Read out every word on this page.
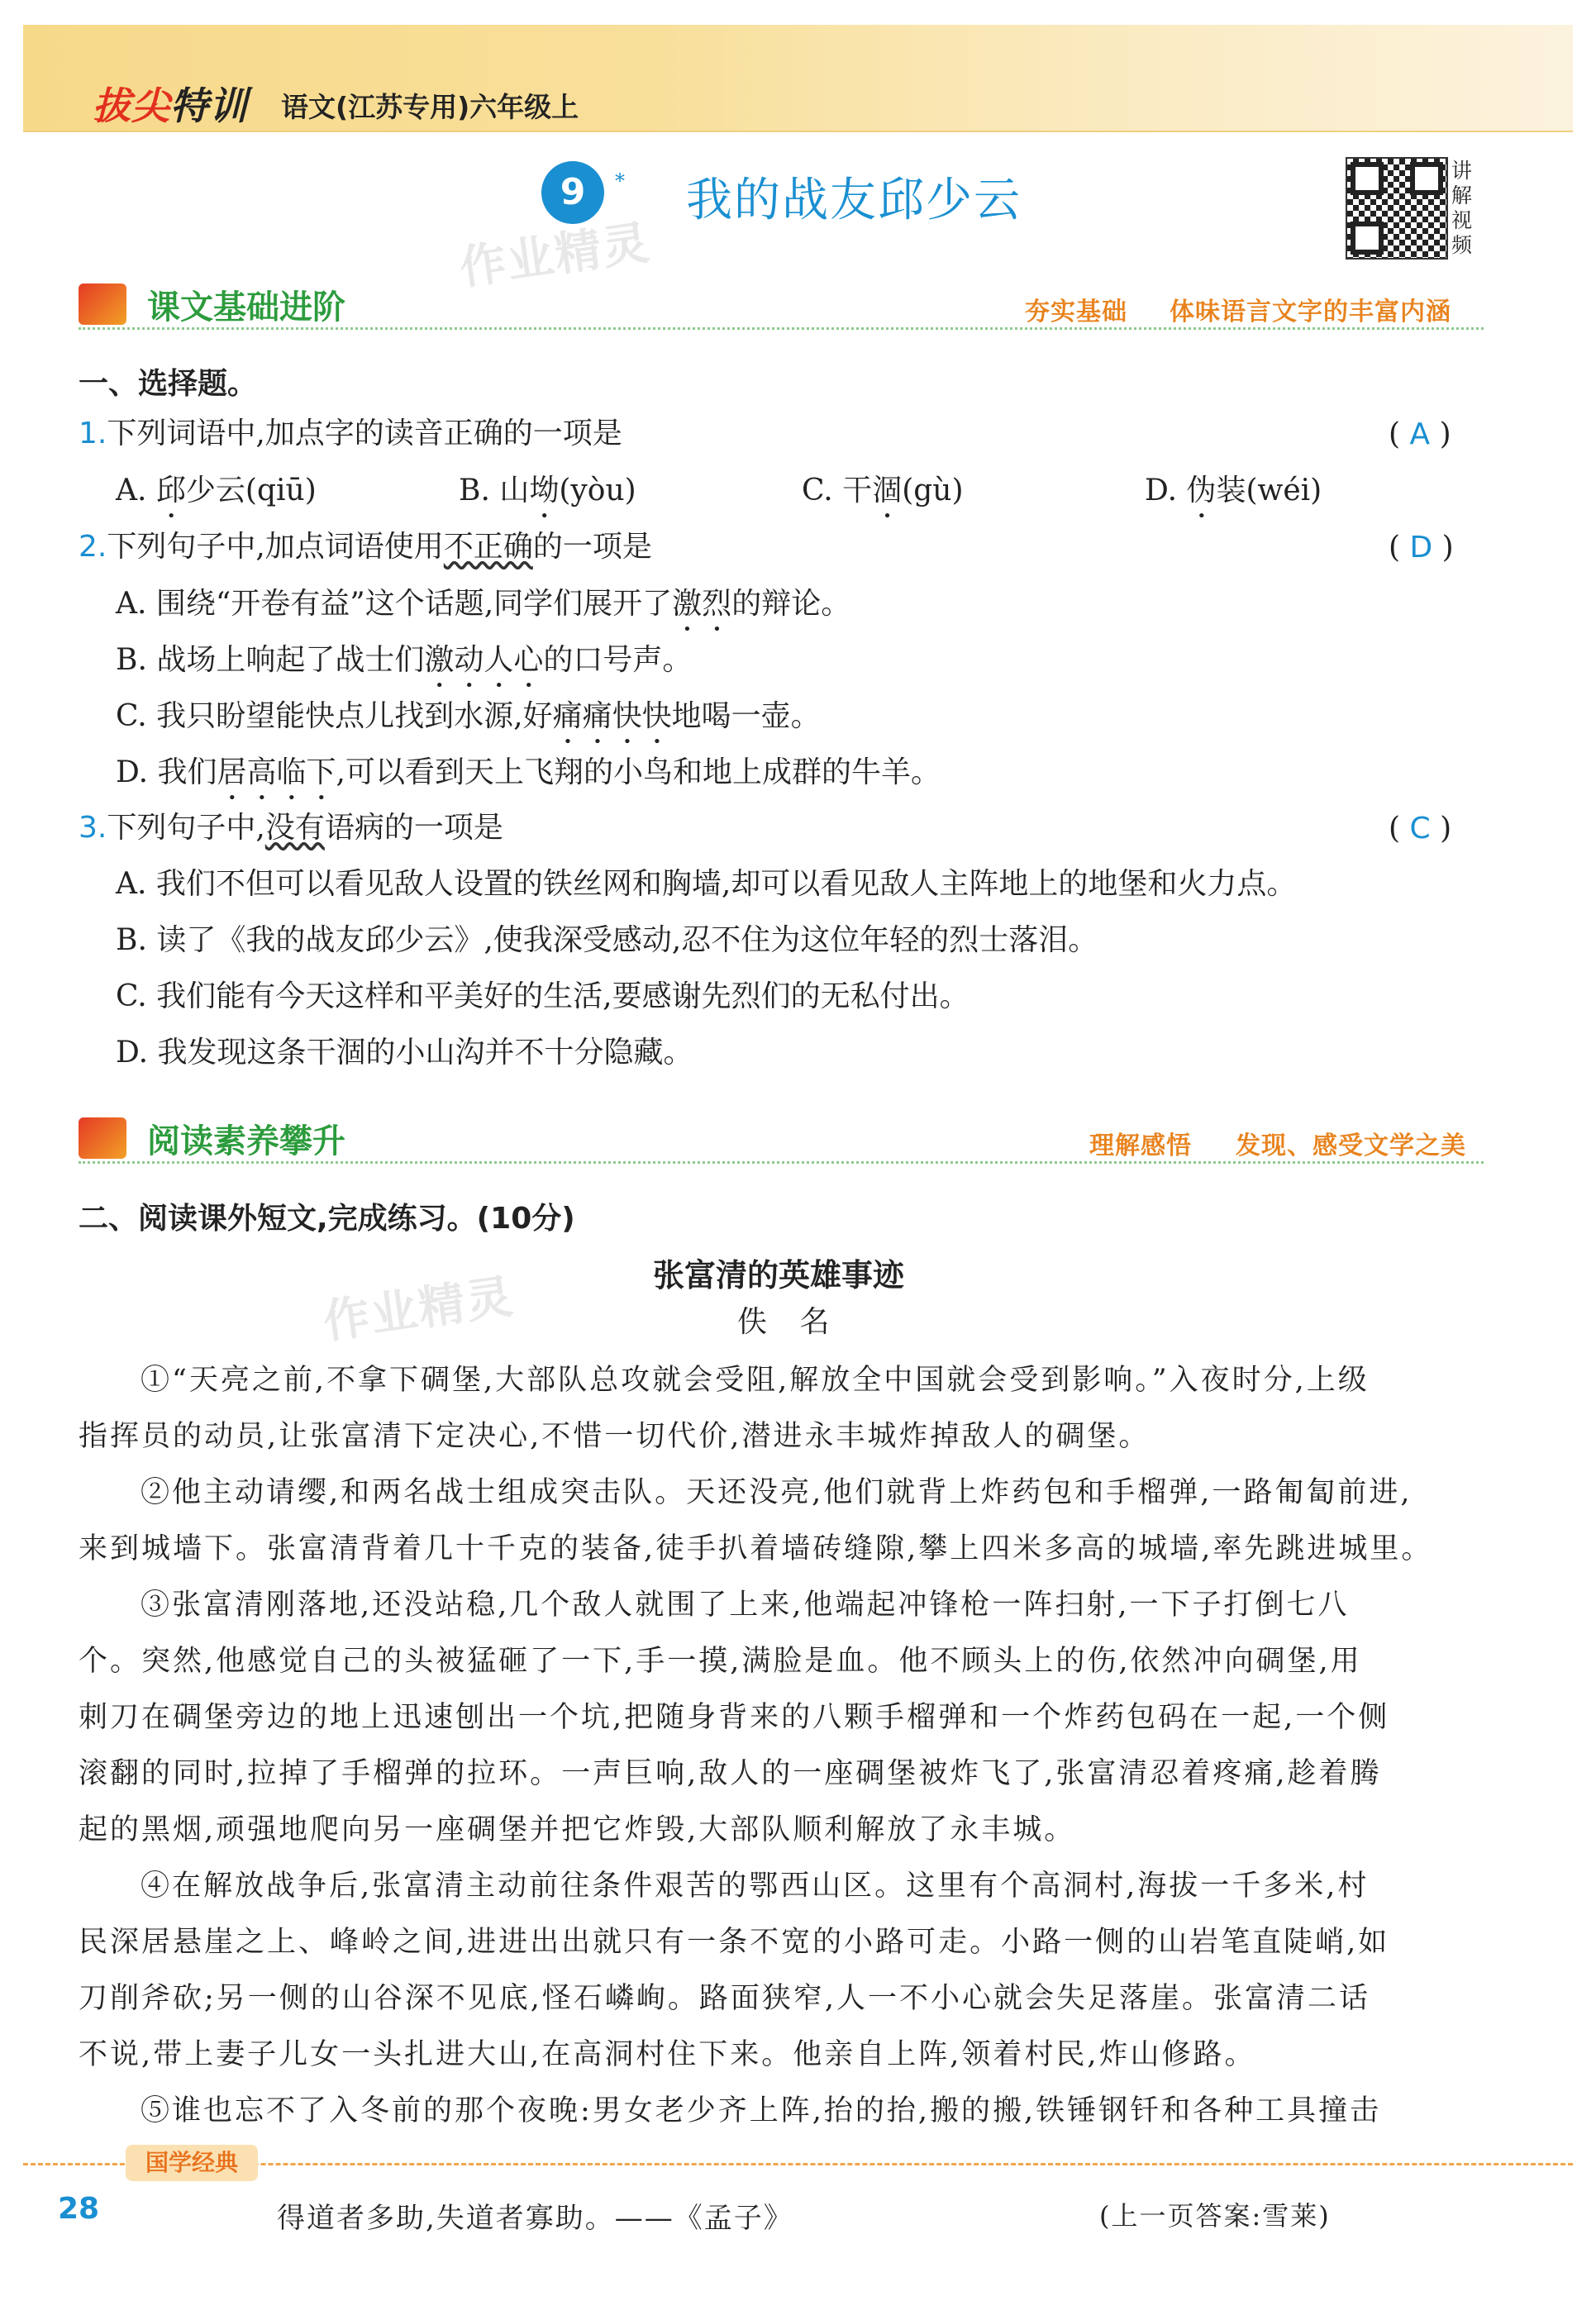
拔尖特训 语文(江苏专用)六年级上
9	* 我的战友邱少云
作业精灵
讲解视频
课文基础进阶	夯实基础 体味语言文字的丰富内涵
一、选择题。
1.下列词语中,加点字的读音正确的一项是	( A )
A. 邱少云(qiū)	B. 山坳(yòu)	C. 干涸(gù)	D. 伪装(wéi)
2.下列句子中,加点词语使用不正确的一项是	( D )
A. 围绕“开卷有益”这个话题,同学们展开了激烈的辩论。
B. 战场上响起了战士们激动人心的口号声。
C. 我只盼望能快点儿找到水源,好痛痛快快地喝一壶。
D. 我们居高临下,可以看到天上飞翔的小鸟和地上成群的牛羊。
3.下列句子中,没有语病的一项是	( C )
A. 我们不但可以看见敌人设置的铁丝网和胸墙,却可以看见敌人主阵地上的地堡和火力点。
B. 读了《我的战友邱少云》,使我深受感动,忍不住为这位年轻的烈士落泪。
C. 我们能有今天这样和平美好的生活,要感谢先烈们的无私付出。
D. 我发现这条干涸的小山沟并不十分隐藏。
阅读素养攀升	理解感悟 发现、感受文学之美
二、阅读课外短文,完成练习。(10分)
张富清的英雄事迹
佚 名
作业精灵
①“天亮之前,不拿下碉堡,大部队总攻就会受阻,解放全中国就会受到影响。”入夜时分,上级
指挥员的动员,让张富清下定决心,不惜一切代价,潜进永丰城炸掉敌人的碉堡。
②他主动请缨,和两名战士组成突击队。天还没亮,他们就背上炸药包和手榴弹,一路匍匐前进,
来到城墙下。张富清背着几十千克的装备,徒手扒着墙砖缝隙,攀上四米多高的城墙,率先跳进城里。
③张富清刚落地,还没站稳,几个敌人就围了上来,他端起冲锋枪一阵扫射,一下子打倒七八
个。突然,他感觉自己的头被猛砸了一下,手一摸,满脸是血。他不顾头上的伤,依然冲向碉堡,用
刺刀在碉堡旁边的地上迅速刨出一个坑,把随身背来的八颗手榴弹和一个炸药包码在一起,一个侧
滚翻的同时,拉掉了手榴弹的拉环。一声巨响,敌人的一座碉堡被炸飞了,张富清忍着疼痛,趁着腾
起的黑烟,顽强地爬向另一座碉堡并把它炸毁,大部队顺利解放了永丰城。
④在解放战争后,张富清主动前往条件艰苦的鄂西山区。这里有个高洞村,海拔一千多米,村
民深居悬崖之上、峰岭之间,进进出出就只有一条不宽的小路可走。小路一侧的山岩笔直陡峭,如
刀削斧砍;另一侧的山谷深不见底,怪石嶙峋。路面狭窄,人一不小心就会失足落崖。张富清二话
不说,带上妻子儿女一头扎进大山,在高洞村住下来。他亲自上阵,领着村民,炸山修路。
⑤谁也忘不了入冬前的那个夜晚:男女老少齐上阵,抬的抬,搬的搬,铁锤钢钎和各种工具撞击
国学经典
28	得道者多助,失道者寡助。——《孟子》	(上一页答案:雪莱)
